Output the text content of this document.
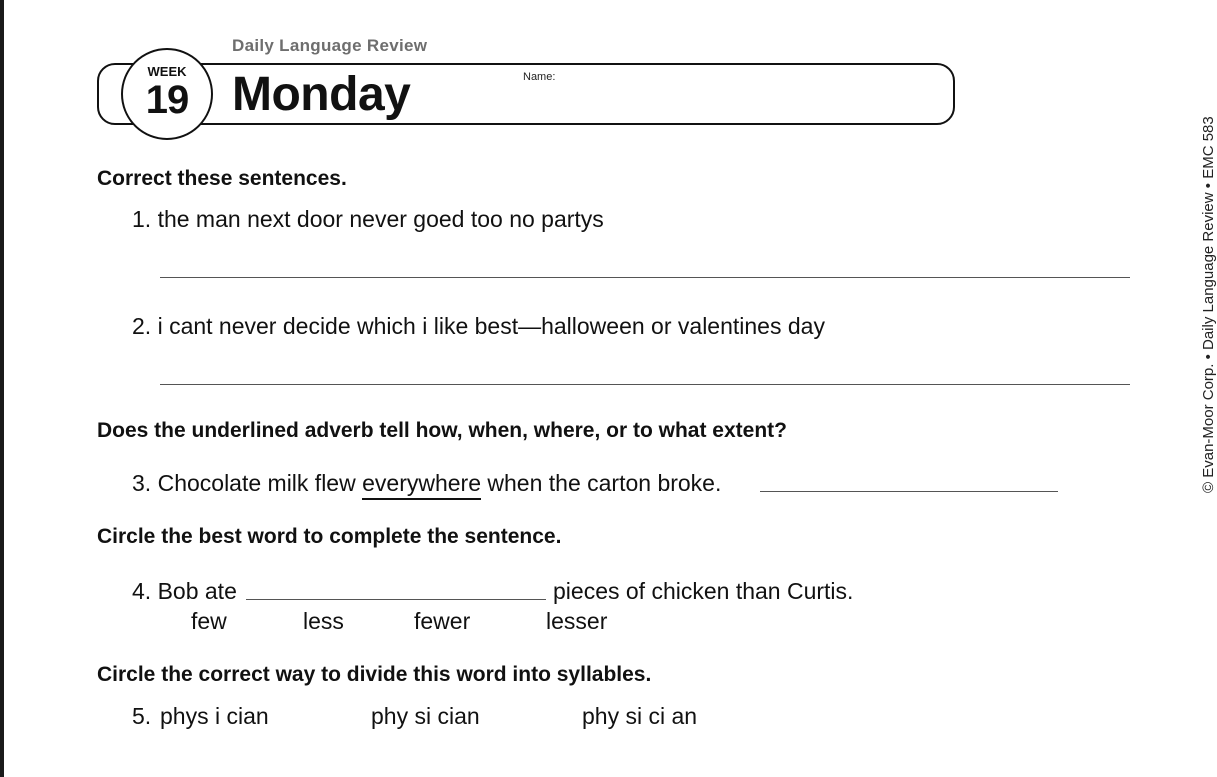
Daily Language Review
WEEK
19 Monday	Name:
Correct these sentences.
1. the man next door never goed too no partys
2. i cant never decide which i like best—halloween or valentines day
Does the underlined adverb tell how, when, where, or to what extent?
3. Chocolate milk flew everywhere when the carton broke.
Circle the best word to complete the sentence.
4. Bob ate	pieces of chicken than Curtis.
few	less	fewer	lesser
Circle the correct way to divide this word into syllables.
5. phys i cian	phy si cian	phy si ci an
© Evan-Moor Corp. • Daily Language Review • EMC 583
